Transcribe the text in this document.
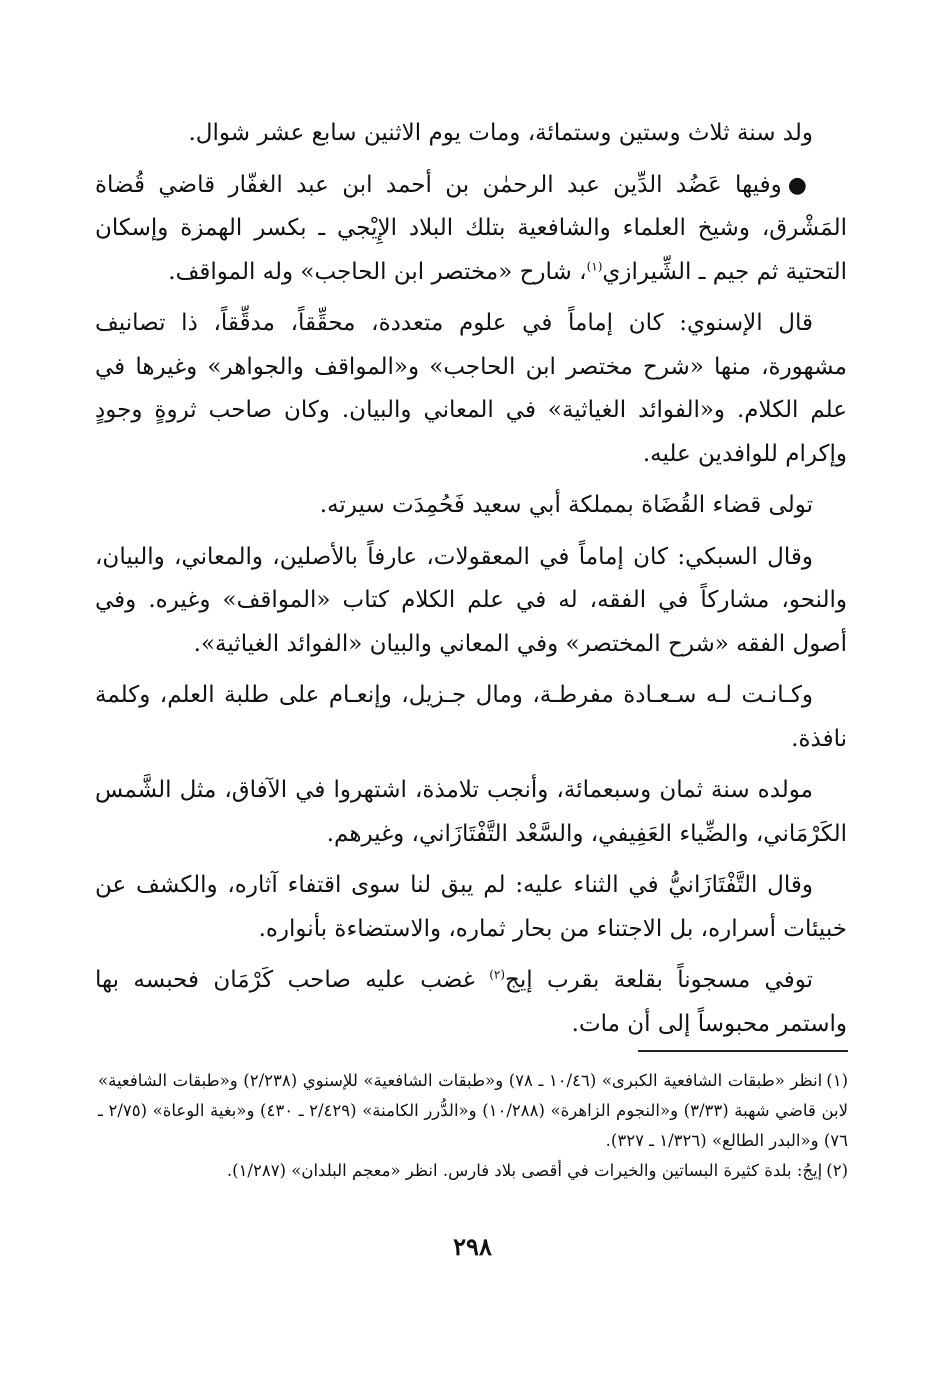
ولد سنة ثلاث وستين وستمائة، ومات يوم الاثنين سابع عشر شوال.

●وفيها عَضُد الدِّين عبد الرحمٰن بن أحمد ابن عبد الغفّار قاضي قُضاة المَشْرق، وشيخ العلماء والشافعية بتلك البلاد الإِيْجي ـ بكسر الهمزة وإسكان التحتية ثم جيم ـ الشِّيرازي$^{(١)}$، شارح «مختصر ابن الحاجب» وله المواقف.

قال الإسنوي: كان إماماً في علوم متعددة، محقِّقاً، مدقِّقاً، ذا تصانيف مشهورة، منها «شرح مختصر ابن الحاجب» و«المواقف والجواهر» وغيرها في علم الكلام. و«الفوائد الغياثية» في المعاني والبيان. وكان صاحب ثروةٍ وجودٍ وإكرام للوافدين عليه.

تولى قضاء القُضَاة بمملكة أبي سعيد فَحُمِدَت سيرته.

وقال السبكي: كان إماماً في المعقولات، عارفاً بالأصلين، والمعاني، والبيان، والنحو، مشاركاً في الفقه، له في علم الكلام كتاب «المواقف» وغيره. وفي أصول الفقه «شرح المختصر» وفي المعاني والبيان «الفوائد الغياثية».

وكـانـت لـه سـعـادة مفرطـة، ومال جـزيل، وإنعـام على طلبة العلم، وكلمة نافذة.

مولده سنة ثمان وسبعمائة، وأنجب تلامذة، اشتهروا في الآفاق، مثل الشَّمس الكَرْمَاني، والضِّياء العَفِيفي، والسَّعْد التَّفْتَازَاني، وغيرهم.

وقال التَّفْتَازَانيُّ في الثناء عليه: لم يبق لنا سوى اقتفاء آثاره، والكشف عن خبيئات أسراره، بل الاجتناء من بحار ثماره، والاستضاءة بأنواره.

توفي مسجوناً بقلعة بقرب إيج$^{(٢)}$ غضب عليه صاحب كَرْمَان فحبسه بها واستمر محبوساً إلى أن مات.

(١)انظر «طبقات الشافعية الكبرى» (١٠/٤٦ ـ ٧٨) و«طبقات الشافعية» للإسنوي (٢/٢٣٨) و«طبقات الشافعية» لابن قاضي شهبة (٣/٣٣) و«النجوم الزاهرة» (١٠/٢٨٨) و«الدُّرر الكامنة» (٢/٤٢٩ ـ ٤٣٠) و«بغية الوعاة» (٢/٧٥ ـ ٧٦) و«البدر الطالع» (١/٣٢٦ ـ ٣٢٧).

(٢)إيجُ: بلدة كثيرة البساتين والخيرات في أقصى بلاد فارس. انظر «معجم البلدان» (١/٢٨٧).

٢٩٨
